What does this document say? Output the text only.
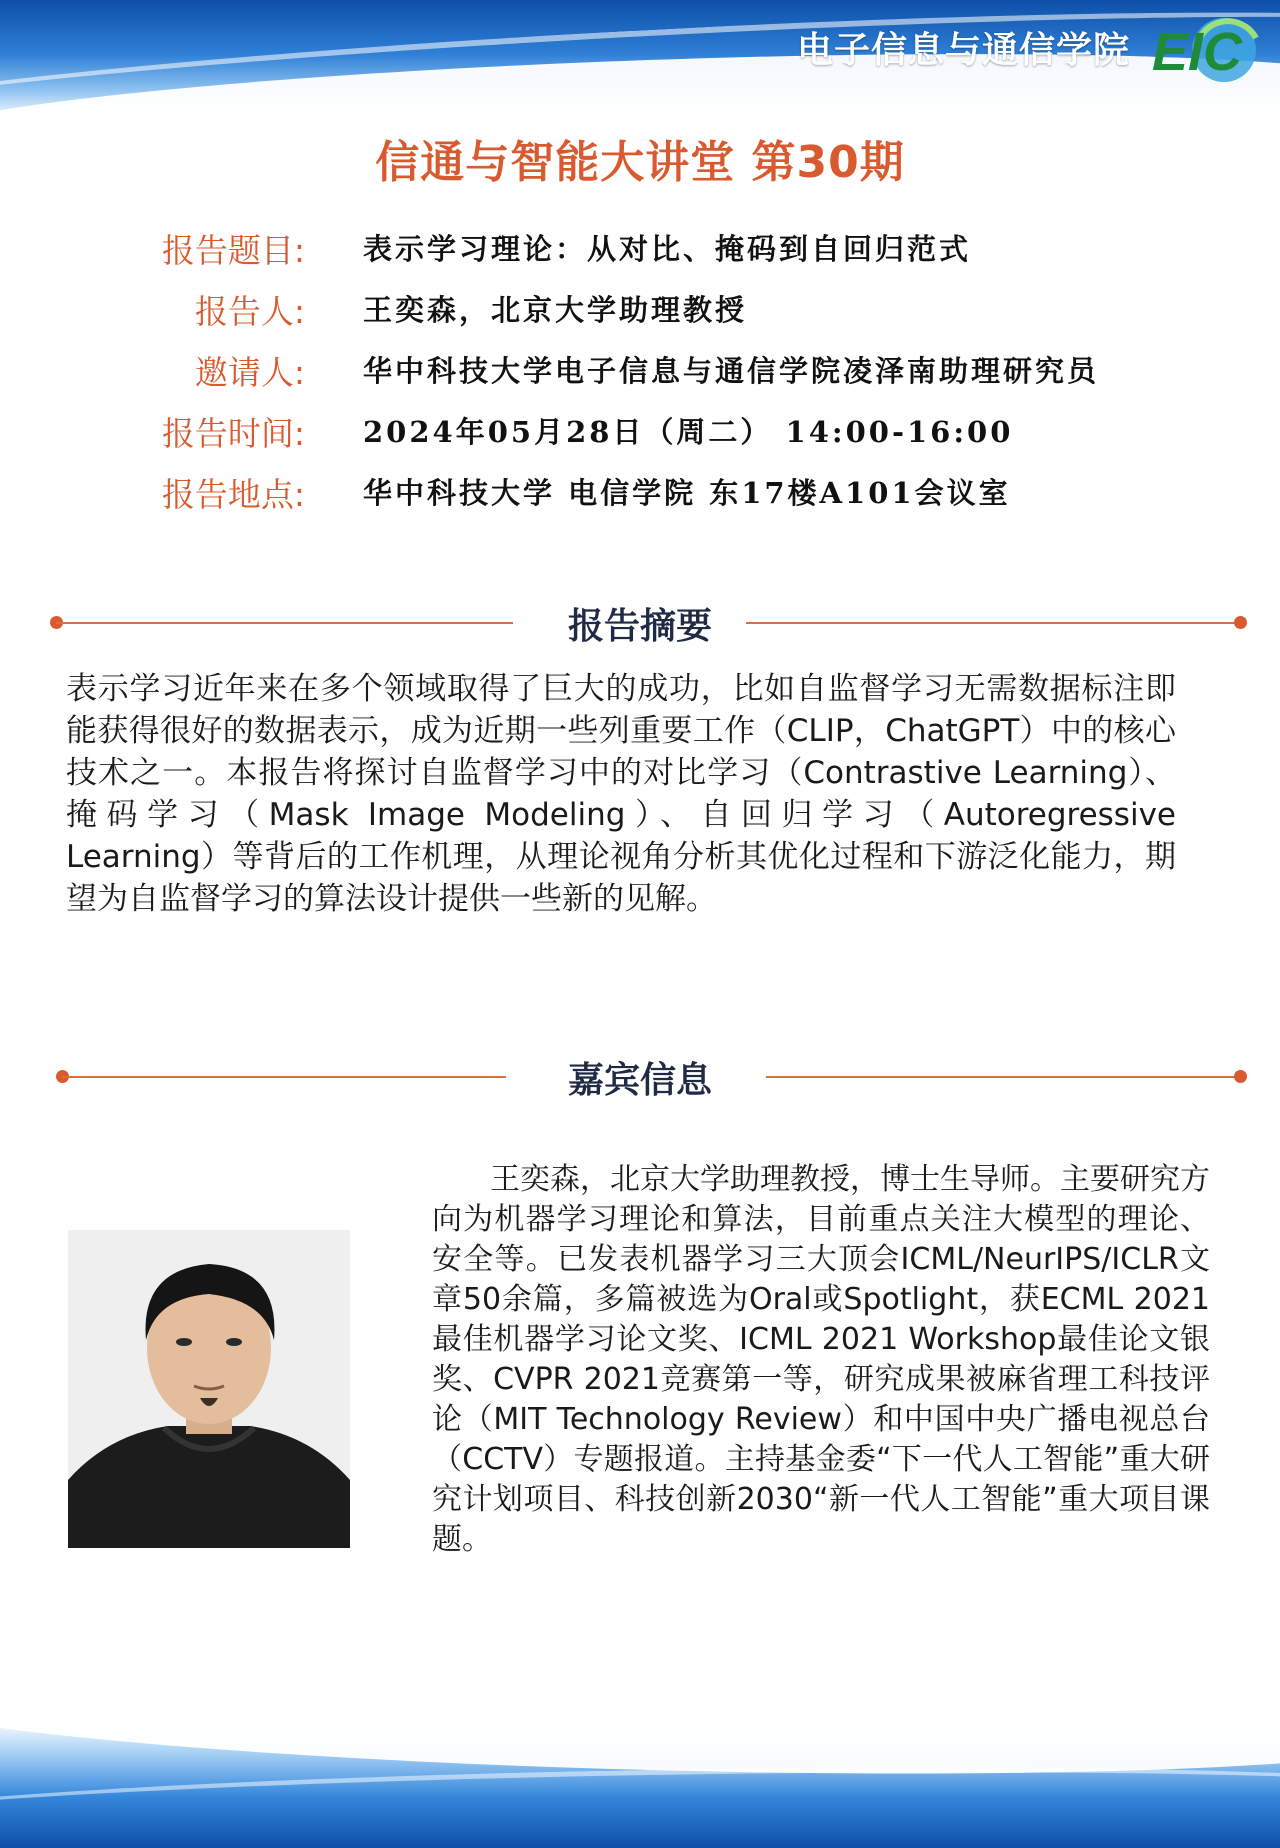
电子信息与通信学院 EIC
信通与智能大讲堂 第30期
报告题目: 表示学习理论：从对比、掩码到自回归范式
报告人: 王奕森，北京大学助理教授
邀请人: 华中科技大学电子信息与通信学院凌泽南助理研究员
报告时间: 2024年05月28日（周二） 14:00-16:00
报告地点: 华中科技大学 电信学院 东17楼A101会议室
报告摘要
表示学习近年来在多个领域取得了巨大的成功，比如自监督学习无需数据标注即能获得很好的数据表示，成为近期一些列重要工作（CLIP，ChatGPT）中的核心技术之一。本报告将探讨自监督学习中的对比学习（Contrastive Learning）、掩码学习（Mask Image Modeling）、自回归学习（Autoregressive Learning）等背后的工作机理，从理论视角分析其优化过程和下游泛化能力，期望为自监督学习的算法设计提供一些新的见解。
嘉宾信息
王奕森，北京大学助理教授，博士生导师。主要研究方向为机器学习理论和算法，目前重点关注大模型的理论、安全等。已发表机器学习三大顶会ICML/NeurIPS/ICLR文章50余篇，多篇被选为Oral或Spotlight，获ECML 2021最佳机器学习论文奖、ICML 2021 Workshop最佳论文银奖、CVPR 2021竞赛第一等，研究成果被麻省理工科技评论（MIT Technology Review）和中国中央广播电视总台（CCTV）专题报道。主持基金委“下一代人工智能”重大研究计划项目、科技创新2030“新一代人工智能”重大项目课题。
